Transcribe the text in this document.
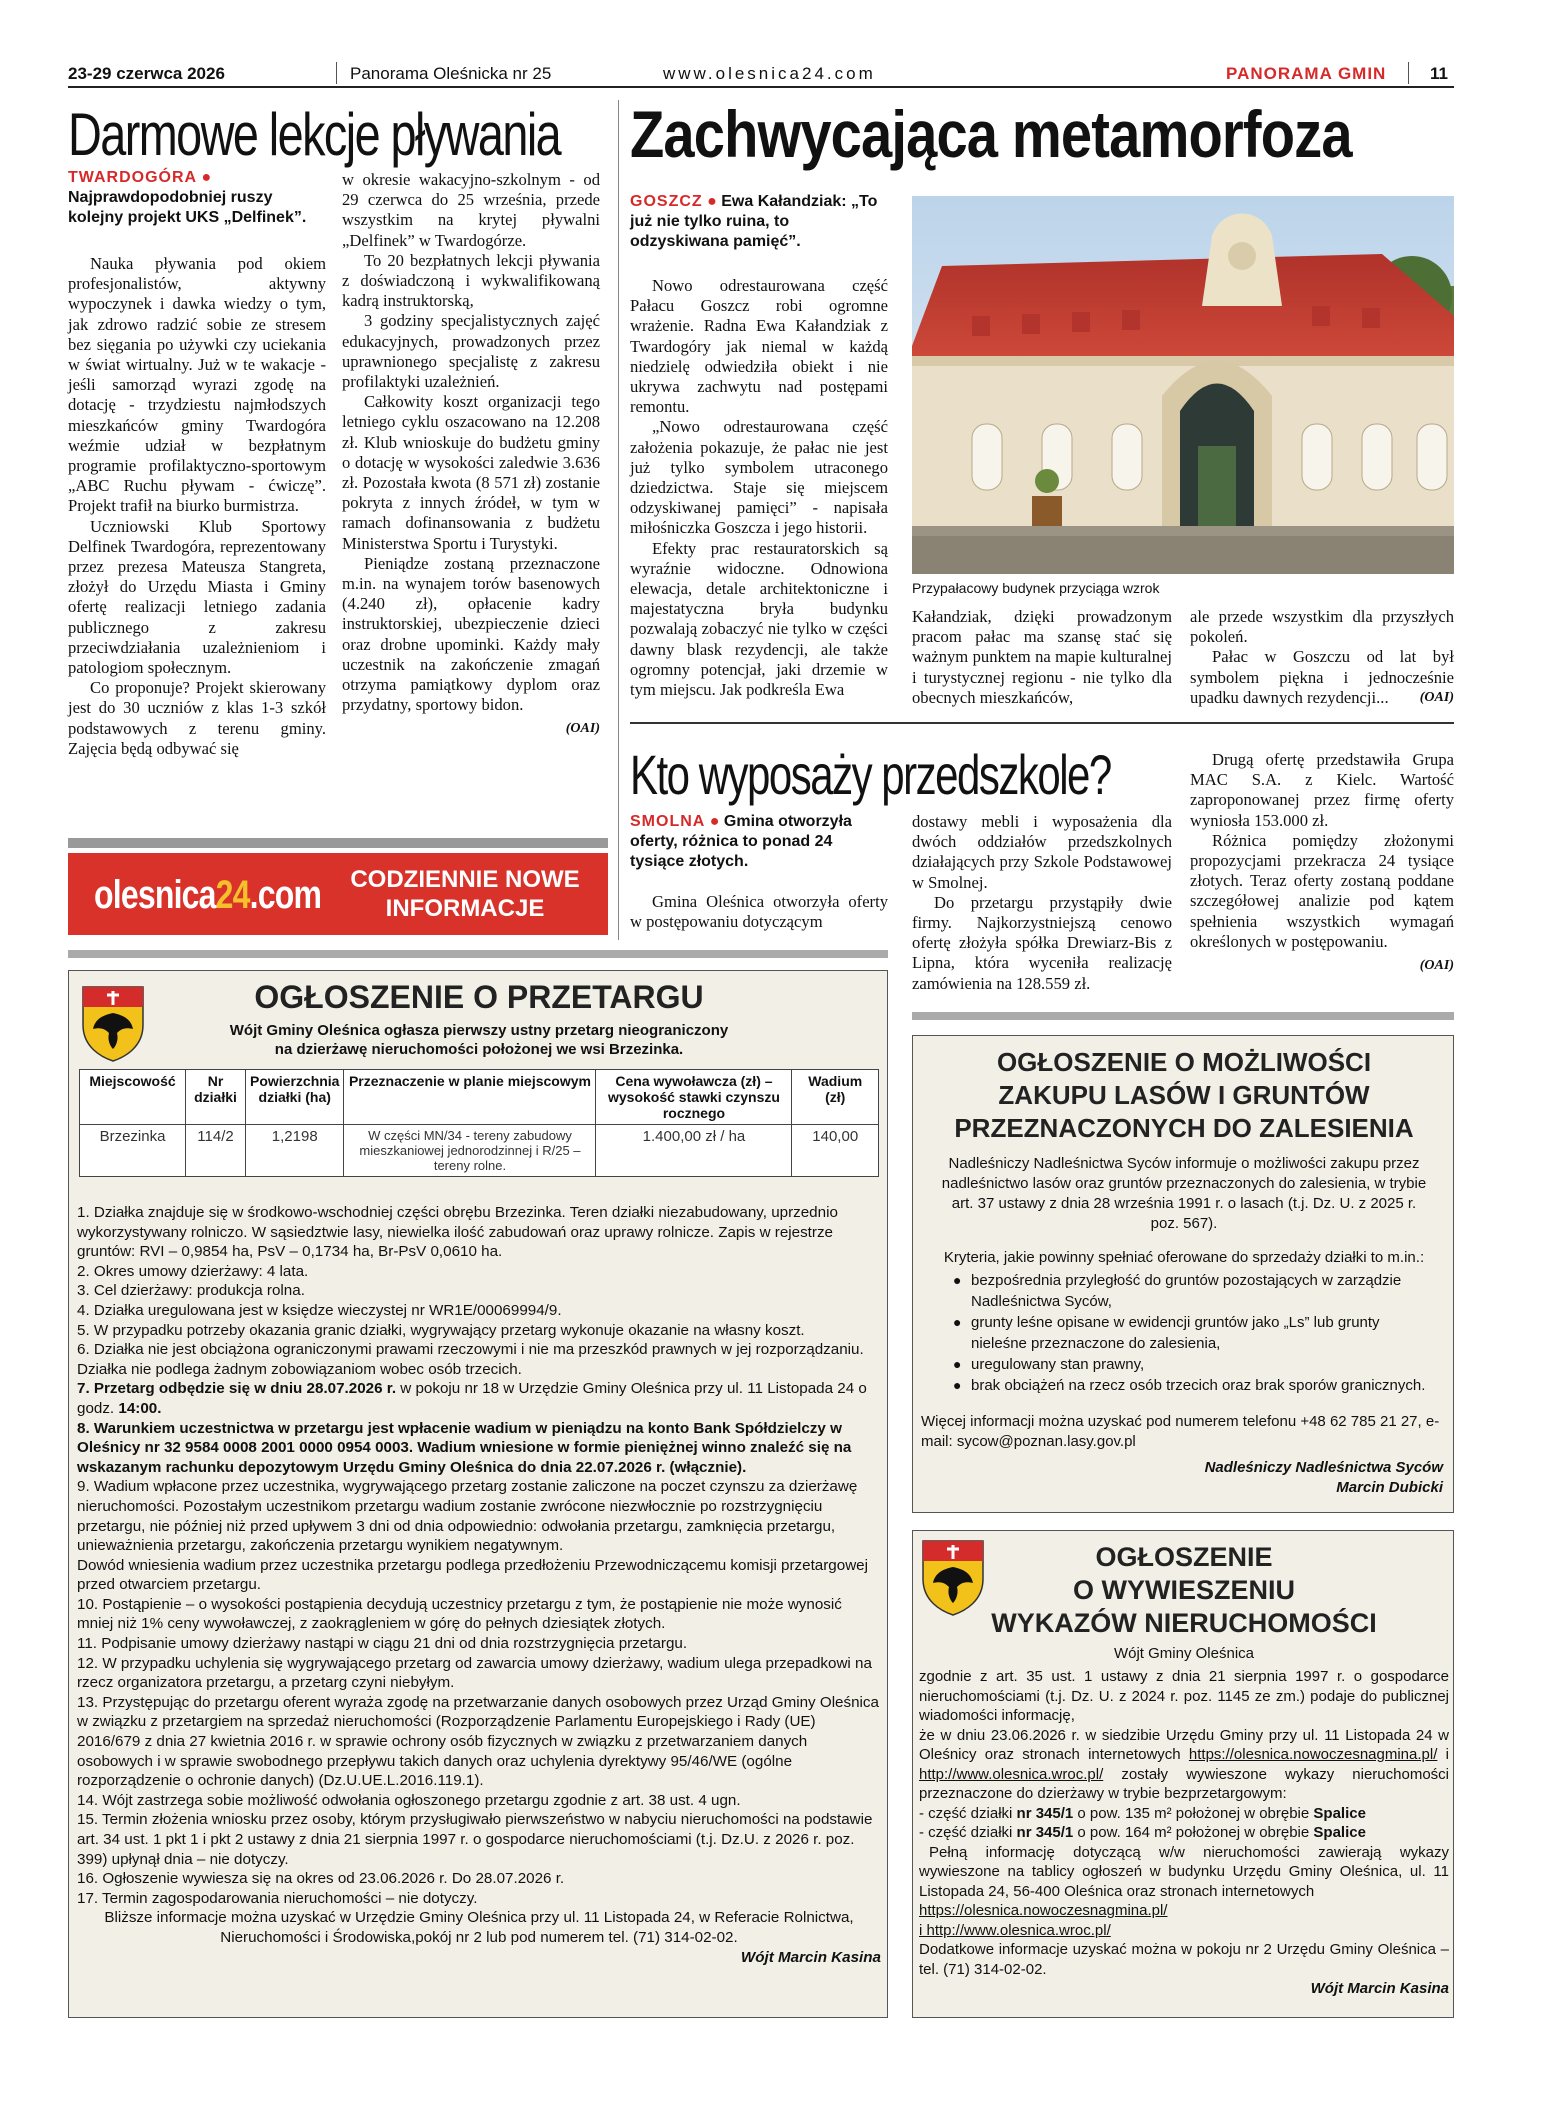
23-29 czerwca 2026	Panorama Oleśnicka nr 25	www.olesnica24.com	PANORAMA GMIN	11
Darmowe lekcje pływania
TWARDOGÓRA ● Najprawdopodobniej ruszy kolejny projekt UKS „Delfinek”.

Nauka pływania pod okiem profesjonalistów, aktywny wypoczynek i dawka wiedzy o tym, jak zdrowo radzić sobie ze stresem bez sięgania po używki czy uciekania w świat wirtualny. Już w te wakacje - jeśli samorząd wyrazi zgodę na dotację - trzydziestu najmłodszych mieszkańców gminy Twardogóra weźmie udział w bezpłatnym programie profilaktyczno-sportowym „ABC Ruchu pływam - ćwiczę”. Projekt trafił na biurko burmistrza.

Uczniowski Klub Sportowy Delfinek Twardogóra, reprezentowany przez prezesa Mateusza Stangreta, złożył do Urzędu Miasta i Gminy ofertę realizacji letniego zadania publicznego z zakresu przeciwdziałania uzależnieniom i patologiom społecznym.

Co proponuje? Projekt skierowany jest do 30 uczniów z klas 1-3 szkół podstawowych z terenu gminy. Zajęcia będą odbywać się

w okresie wakacyjno-szkolnym - od 29 czerwca do 25 września, przede wszystkim na krytej pływalni „Delfinek” w Twardogórze.

To 20 bezpłatnych lekcji pływania z doświadczoną i wykwalifikowaną kadrą instruktorską,

3 godziny specjalistycznych zajęć edukacyjnych, prowadzonych przez uprawnionego specjalistę z zakresu profilaktyki uzależnień.

Całkowity koszt organizacji tego letniego cyklu oszacowano na 12.208 zł. Klub wnioskuje do budżetu gminy o dotację w wysokości zaledwie 3.636 zł. Pozostała kwota (8 571 zł) zostanie pokryta z innych źródeł, w tym w ramach dofinansowania z budżetu Ministerstwa Sportu i Turystyki.

Pieniądze zostaną przeznaczone m.in. na wynajem torów basenowych (4.240 zł), opłacenie kadry instruktorskiej, ubezpieczenie dzieci oraz drobne upominki. Każdy mały uczestnik na zakończenie zmagań otrzyma pamiątkowy dyplom oraz przydatny, sportowy bidon.

(OAI)
olesnica24.com	CODZIENNIE NOWE
INFORMACJE
Zachwycająca metamorfoza
GOSZCZ ● Ewa Kałandziak: „To już nie tylko ruina, to odzyskiwana pamięć”.

Nowo odrestaurowana część Pałacu Goszcz robi ogromne wrażenie. Radna Ewa Kałandziak z Twardogóry jak niemal w każdą niedzielę odwiedziła obiekt i nie ukrywa zachwytu nad postępami remontu.

„Nowo odrestaurowana część założenia pokazuje, że pałac nie jest już tylko symbolem utraconego dziedzictwa. Staje się miejscem odzyskiwanej pamięci” - napisała miłośniczka Goszcza i jego historii.

Efekty prac restauratorskich są wyraźnie widoczne. Odnowiona elewacja, detale architektoniczne i majestatyczna bryła budynku pozwalają zobaczyć nie tylko w części dawny blask rezydencji, ale także ogromny potencjał, jaki drzemie w tym miejscu. Jak podkreśla Ewa

Przypałacowy budynek przyciąga wzrok

Kałandziak, dzięki prowadzonym pracom pałac ma szansę stać się ważnym punktem na mapie kulturalnej i turystycznej regionu - nie tylko dla obecnych mieszkańców,

ale przede wszystkim dla przyszłych pokoleń.

Pałac w Goszczu od lat był symbolem piękna i jednocześnie upadku dawnych rezydencji...	(OAI)
Kto wyposaży przedszkole?
SMOLNA ● Gmina otworzyła oferty, różnica to ponad 24 tysiące złotych.

Gmina Oleśnica otworzyła oferty w postępowaniu dotyczącym

dostawy mebli i wyposażenia dla dwóch oddziałów przedszkolnych działających przy Szkole Podstawowej w Smolnej.

Do przetargu przystąpiły dwie firmy. Najkorzystniejszą cenowo ofertę złożyła spółka Drewiarz-Bis z Lipna, która wyceniła realizację zamówienia na 128.559 zł.

Drugą ofertę przedstawiła Grupa MAC S.A. z Kielc. Wartość zaproponowanej przez firmę oferty wyniosła 153.000 zł.

Różnica pomiędzy złożonymi propozycjami przekracza 24 tysiące złotych. Teraz oferty zostaną poddane szczegółowej analizie pod kątem spełnienia wszystkich wymagań określonych w postępowaniu.

(OAI)
OGŁOSZENIE O PRZETARGU
Wójt Gminy Oleśnica ogłasza pierwszy ustny przetarg nieograniczony
na dzierżawę nieruchomości położonej we wsi Brzezinka.
Miejscowość	Nr działki	Powierzchnia działki (ha)	Przeznaczenie w planie miejscowym	Cena wywoławcza (zł) – wysokość stawki czynszu rocznego	Wadium (zł)
Brzezinka	114/2	1,2198	W części MN/34 - tereny zabudowy mieszkaniowej jednorodzinnej i R/25 – tereny rolne.	1.400,00 zł / ha	140,00
1. Działka znajduje się w środkowo-wschodniej części obrębu Brzezinka. Teren działki niezabudowany, uprzednio wykorzystywany rolniczo. W sąsiedztwie lasy, niewielka ilość zabudowań oraz uprawy rolnicze. Zapis w rejestrze gruntów: RVI – 0,9854 ha, PsV – 0,1734 ha, Br-PsV 0,0610 ha.
2. Okres umowy dzierżawy: 4 lata.
3. Cel dzierżawy: produkcja rolna.
4. Działka uregulowana jest w księdze wieczystej nr WR1E/00069994/9.
5. W przypadku potrzeby okazania granic działki, wygrywający przetarg wykonuje okazanie na własny koszt.
6. Działka nie jest obciążona ograniczonymi prawami rzeczowymi i nie ma przeszkód prawnych w jej rozporządzaniu. Działka nie podlega żadnym zobowiązaniom wobec osób trzecich.
7. Przetarg odbędzie się w dniu 28.07.2026 r. w pokoju nr 18 w Urzędzie Gminy Oleśnica przy ul. 11 Listopada 24 o godz. 14:00.
8. Warunkiem uczestnictwa w przetargu jest wpłacenie wadium w pieniądzu na konto Bank Spółdzielczy w Oleśnicy nr 32 9584 0008 2001 0000 0954 0003. Wadium wniesione w formie pieniężnej winno znaleźć się na wskazanym rachunku depozytowym Urzędu Gminy Oleśnica do dnia 22.07.2026 r. (włącznie).
9. Wadium wpłacone przez uczestnika, wygrywającego przetarg zostanie zaliczone na poczet czynszu za dzierżawę nieruchomości. Pozostałym uczestnikom przetargu wadium zostanie zwrócone niezwłocznie po rozstrzygnięciu przetargu, nie później niż przed upływem 3 dni od dnia odpowiednio: odwołania przetargu, zamknięcia przetargu, unieważnienia przetargu, zakończenia przetargu wynikiem negatywnym.
Dowód wniesienia wadium przez uczestnika przetargu podlega przedłożeniu Przewodniczącemu komisji przetargowej przed otwarciem przetargu.
10. Postąpienie – o wysokości postąpienia decydują uczestnicy przetargu z tym, że postąpienie nie może wynosić mniej niż 1% ceny wywoławczej, z zaokrągleniem w górę do pełnych dziesiątek złotych.
11. Podpisanie umowy dzierżawy nastąpi w ciągu 21 dni od dnia rozstrzygnięcia przetargu.
12. W przypadku uchylenia się wygrywającego przetarg od zawarcia umowy dzierżawy, wadium ulega przepadkowi na rzecz organizatora przetargu, a przetarg czyni niebyłym.
13. Przystępując do przetargu oferent wyraża zgodę na przetwarzanie danych osobowych przez Urząd Gminy Oleśnica w związku z przetargiem na sprzedaż nieruchomości (Rozporządzenie Parlamentu Europejskiego i Rady (UE) 2016/679 z dnia 27 kwietnia 2016 r. w sprawie ochrony osób fizycznych w związku z przetwarzaniem danych osobowych i w sprawie swobodnego przepływu takich danych oraz uchylenia dyrektywy 95/46/WE (ogólne rozporządzenie o ochronie danych) (Dz.U.UE.L.2016.119.1).
14. Wójt zastrzega sobie możliwość odwołania ogłoszonego przetargu zgodnie z art. 38 ust. 4 ugn.
15. Termin złożenia wniosku przez osoby, którym przysługiwało pierwszeństwo w nabyciu nieruchomości na podstawie art. 34 ust. 1 pkt 1 i pkt 2 ustawy z dnia 21 sierpnia 1997 r. o gospodarce nieruchomościami (t.j. Dz.U. z 2026 r. poz. 399) upłynął dnia – nie dotyczy.
16. Ogłoszenie wywiesza się na okres od 23.06.2026 r. Do 28.07.2026 r.
17. Termin zagospodarowania nieruchomości – nie dotyczy.
Bliższe informacje można uzyskać w Urzędzie Gminy Oleśnica przy ul. 11 Listopada 24, w Referacie Rolnictwa, Nieruchomości i Środowiska,pokój nr 2 lub pod numerem tel. (71) 314-02-02.
Wójt Marcin Kasina
OGŁOSZENIE O MOŻLIWOŚCI
ZAKUPU LASÓW I GRUNTÓW
PRZEZNACZONYCH DO ZALESIENIA
Nadleśniczy Nadleśnictwa Syców informuje o możliwości zakupu przez nadleśnictwo lasów oraz gruntów przeznaczonych do zalesienia, w trybie art. 37 ustawy z dnia 28 września 1991 r. o lasach (t.j. Dz. U. z 2025 r. poz. 567).
Kryteria, jakie powinny spełniać oferowane do sprzedaży działki to m.in.:
● bezpośrednia przyległość do gruntów pozostających w zarządzie Nadleśnictwa Syców,
● grunty leśne opisane w ewidencji gruntów jako „Ls” lub grunty nieleśne przeznaczone do zalesienia,
● uregulowany stan prawny,
● brak obciążeń na rzecz osób trzecich oraz brak sporów granicznych.
Więcej informacji można uzyskać pod numerem telefonu +48 62 785 21 27, e-mail: sycow@poznan.lasy.gov.pl
Nadleśniczy Nadleśnictwa Syców
Marcin Dubicki
OGŁOSZENIE
O WYWIESZENIU
WYKAZÓW NIERUCHOMOŚCI
Wójt Gminy Oleśnica
zgodnie z art. 35 ust. 1 ustawy z dnia 21 sierpnia 1997 r. o gospodarce nieruchomościami (t.j. Dz. U. z 2024 r. poz. 1145 ze zm.) podaje do publicznej wiadomości informację,
że w dniu 23.06.2026 r. w siedzibie Urzędu Gminy przy ul. 11 Listopada 24 w Oleśnicy oraz stronach internetowych https://olesnica.nowoczesnagmina.pl/ i http://www.olesnica.wroc.pl/ zostały wywieszone wykazy nieruchomości przeznaczone do dzierżawy w trybie bezprzetargowym:
- część działki nr 345/1 o pow. 135 m² położonej w obrębie Spalice
- część działki nr 345/1 o pow. 164 m² położonej w obrębie Spalice
Pełną informację dotyczącą w/w nieruchomości zawierają wykazy wywieszone na tablicy ogłoszeń w budynku Urzędu Gminy Oleśnica, ul. 11 Listopada 24, 56-400 Oleśnica oraz stronach internetowych
https://olesnica.nowoczesnagmina.pl/
i http://www.olesnica.wroc.pl/
Dodatkowe informacje uzyskać można w pokoju nr 2 Urzędu Gminy Oleśnica – tel. (71) 314-02-02.
Wójt Marcin Kasina
